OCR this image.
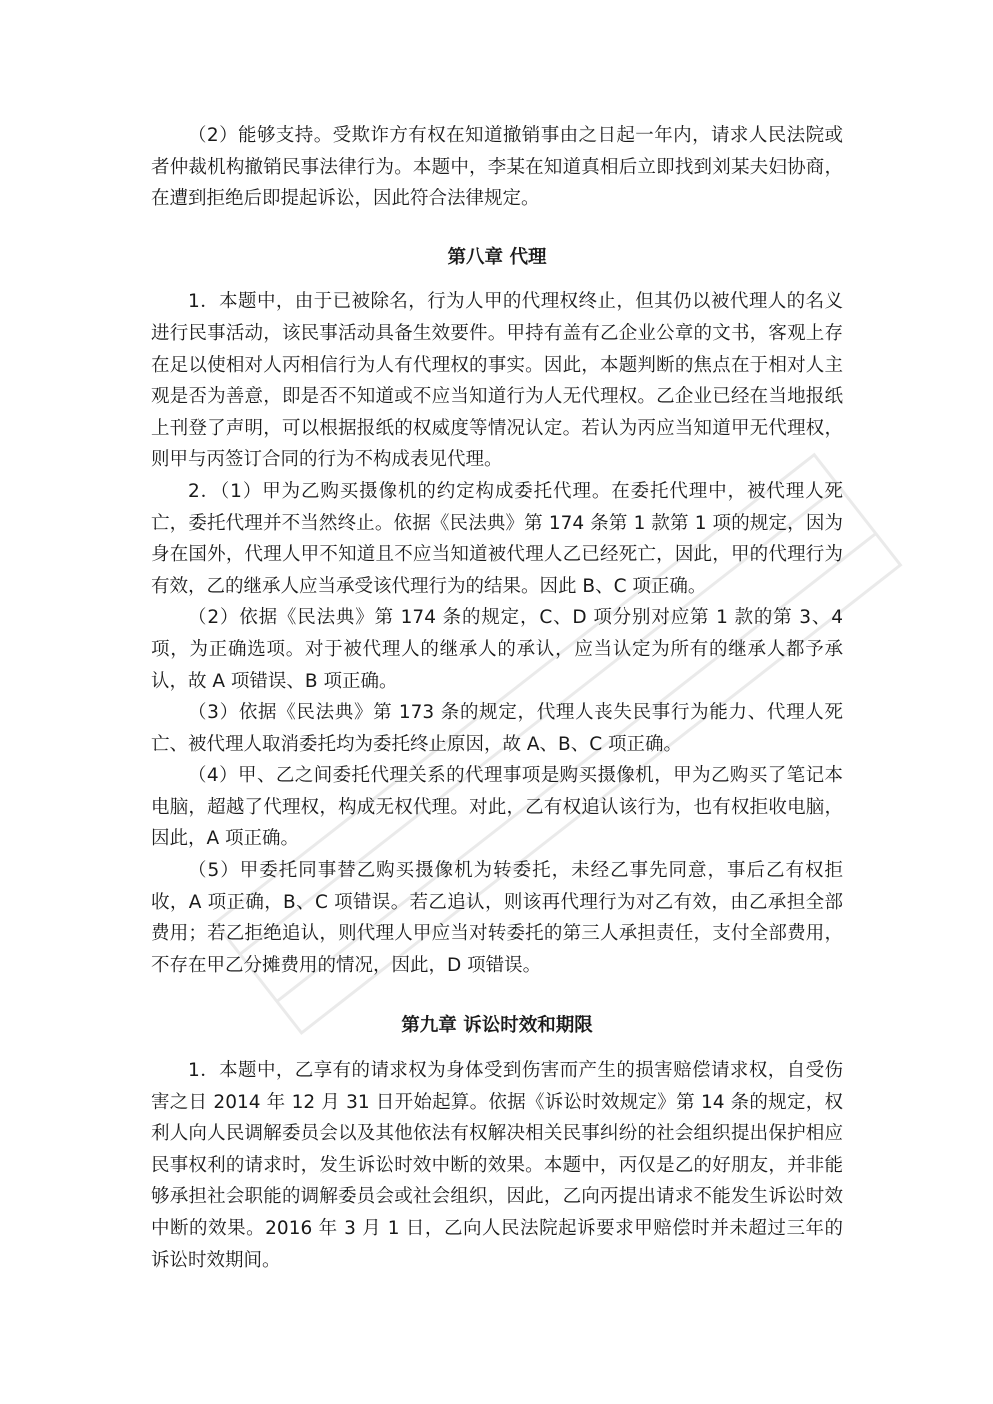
（2）能够支持。受欺诈方有权在知道撤销事由之日起一年内，请求人民法院或者仲裁机构撤销民事法律行为。本题中，李某在知道真相后立即找到刘某夫妇协商，在遭到拒绝后即提起诉讼，因此符合法律规定。

第八章 代理

1．本题中，由于已被除名，行为人甲的代理权终止，但其仍以被代理人的名义进行民事活动，该民事活动具备生效要件。甲持有盖有乙企业公章的文书，客观上存在足以使相对人丙相信行为人有代理权的事实。因此，本题判断的焦点在于相对人主观是否为善意，即是否不知道或不应当知道行为人无代理权。乙企业已经在当地报纸上刊登了声明，可以根据报纸的权威度等情况认定。若认为丙应当知道甲无代理权，则甲与丙签订合同的行为不构成表见代理。

2．（1）甲为乙购买摄像机的约定构成委托代理。在委托代理中，被代理人死亡，委托代理并不当然终止。依据《民法典》第 174 条第 1 款第 1 项的规定，因为身在国外，代理人甲不知道且不应当知道被代理人乙已经死亡，因此，甲的代理行为有效，乙的继承人应当承受该代理行为的结果。因此 B、C 项正确。

（2）依据《民法典》第 174 条的规定，C、D 项分别对应第 1 款的第 3、4 项，为正确选项。对于被代理人的继承人的承认，应当认定为所有的继承人都予承认，故 A 项错误、B 项正确。

（3）依据《民法典》第 173 条的规定，代理人丧失民事行为能力、代理人死亡、被代理人取消委托均为委托终止原因，故 A、B、C 项正确。

（4）甲、乙之间委托代理关系的代理事项是购买摄像机，甲为乙购买了笔记本电脑，超越了代理权，构成无权代理。对此，乙有权追认该行为，也有权拒收电脑，因此，A 项正确。

（5）甲委托同事替乙购买摄像机为转委托，未经乙事先同意，事后乙有权拒收，A 项正确，B、C 项错误。若乙追认，则该再代理行为对乙有效，由乙承担全部费用；若乙拒绝追认，则代理人甲应当对转委托的第三人承担责任，支付全部费用，不存在甲乙分摊费用的情况，因此，D 项错误。

第九章 诉讼时效和期限

1．本题中，乙享有的请求权为身体受到伤害而产生的损害赔偿请求权，自受伤害之日 2014 年 12 月 31 日开始起算。依据《诉讼时效规定》第 14 条的规定，权利人向人民调解委员会以及其他依法有权解决相关民事纠纷的社会组织提出保护相应民事权利的请求时，发生诉讼时效中断的效果。本题中，丙仅是乙的好朋友，并非能够承担社会职能的调解委员会或社会组织，因此，乙向丙提出请求不能发生诉讼时效中断的效果。2016 年 3 月 1 日，乙向人民法院起诉要求甲赔偿时并未超过三年的诉讼时效期间。
